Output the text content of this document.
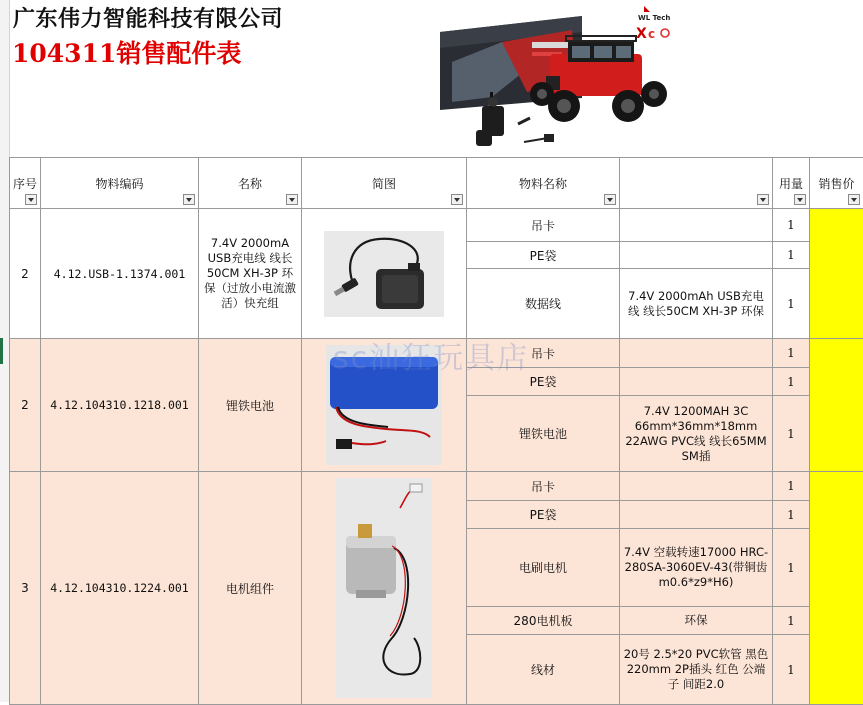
广东伟力智能科技有限公司
104311销售配件表
X c
WL Tech
序号	物料编码	名称	简图	物料名称		用量	销售价

2	4.12.USB-1.1374.001	7.4V 2000mA USB充电线 线长50CM XH-3P 环保（过放小电流激活）快充组		吊卡		1	
				PE袋		1	
				数据线	7.4V 2000mAh USB充电线 线长50CM XH-3P 环保	1	
2	4.12.104310.1218.001	锂铁电池		吊卡		1	
				PE袋		1	
				锂铁电池	7.4V 1200MAH 3C 66mm*36mm*18mm 22AWG PVC线 线长65MM SM插	1	
3	4.12.104310.1224.001	电机组件		吊卡		1	
				PE袋		1	
				电刷电机	7.4V 空载转速17000 HRC-280SA-3060EV-43(带铜齿m0.6*z9*H6)	1	
				280电机板	环保	1	
				线材	20号 2.5*20 PVC软管 黑色 220mm 2P插头 红色 公端子 间距2.0	1	
sc汕狂玩具店
